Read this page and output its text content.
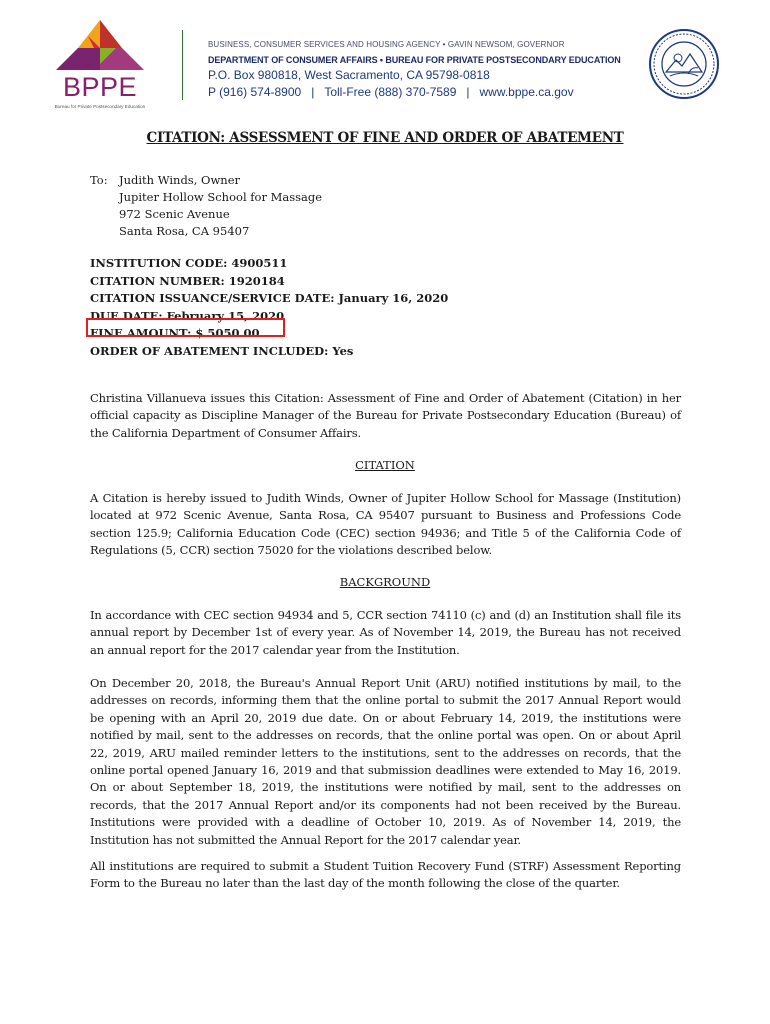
BPPE
Bureau for Private Postsecondary Education
BUSINESS, CONSUMER SERVICES AND HOUSING AGENCY • GAVIN NEWSOM, GOVERNOR
DEPARTMENT OF CONSUMER AFFAIRS • BUREAU FOR PRIVATE POSTSECONDARY EDUCATION
P.O. Box 980818, West Sacramento, CA 95798-0818
P (916) 574-8900 | Toll-Free (888) 370-7589 | www.bppe.ca.gov
CITATION: ASSESSMENT OF FINE AND ORDER OF ABATEMENT
To: Judith Winds, Owner
Jupiter Hollow School for Massage
972 Scenic Avenue
Santa Rosa, CA 95407
INSTITUTION CODE: 4900511
CITATION NUMBER: 1920184
CITATION ISSUANCE/SERVICE DATE: January 16, 2020
DUE DATE: February 15, 2020
FINE AMOUNT: $ 5050.00
ORDER OF ABATEMENT INCLUDED: Yes

Christina Villanueva issues this Citation: Assessment of Fine and Order of Abatement (Citation) in her official capacity as Discipline Manager of the Bureau for Private Postsecondary Education (Bureau) of the California Department of Consumer Affairs.

CITATION

A Citation is hereby issued to Judith Winds, Owner of Jupiter Hollow School for Massage (Institution) located at 972 Scenic Avenue, Santa Rosa, CA 95407 pursuant to Business and Professions Code section 125.9; California Education Code (CEC) section 94936; and Title 5 of the California Code of Regulations (5, CCR) section 75020 for the violations described below.

BACKGROUND

In accordance with CEC section 94934 and 5, CCR section 74110 (c) and (d) an Institution shall file its annual report by December 1st of every year. As of November 14, 2019, the Bureau has not received an annual report for the 2017 calendar year from the Institution.

On December 20, 2018, the Bureau's Annual Report Unit (ARU) notified institutions by mail, to the addresses on records, informing them that the online portal to submit the 2017 Annual Report would be opening with an April 20, 2019 due date. On or about February 14, 2019, the institutions were notified by mail, sent to the addresses on records, that the online portal was open. On or about April 22, 2019, ARU mailed reminder letters to the institutions, sent to the addresses on records, that the online portal opened January 16, 2019 and that submission deadlines were extended to May 16, 2019. On or about September 18, 2019, the institutions were notified by mail, sent to the addresses on records, that the 2017 Annual Report and/or its components had not been received by the Bureau. Institutions were provided with a deadline of October 10, 2019. As of November 14, 2019, the Institution has not submitted the Annual Report for the 2017 calendar year.

All institutions are required to submit a Student Tuition Recovery Fund (STRF) Assessment Reporting Form to the Bureau no later than the last day of the month following the close of the quarter.
